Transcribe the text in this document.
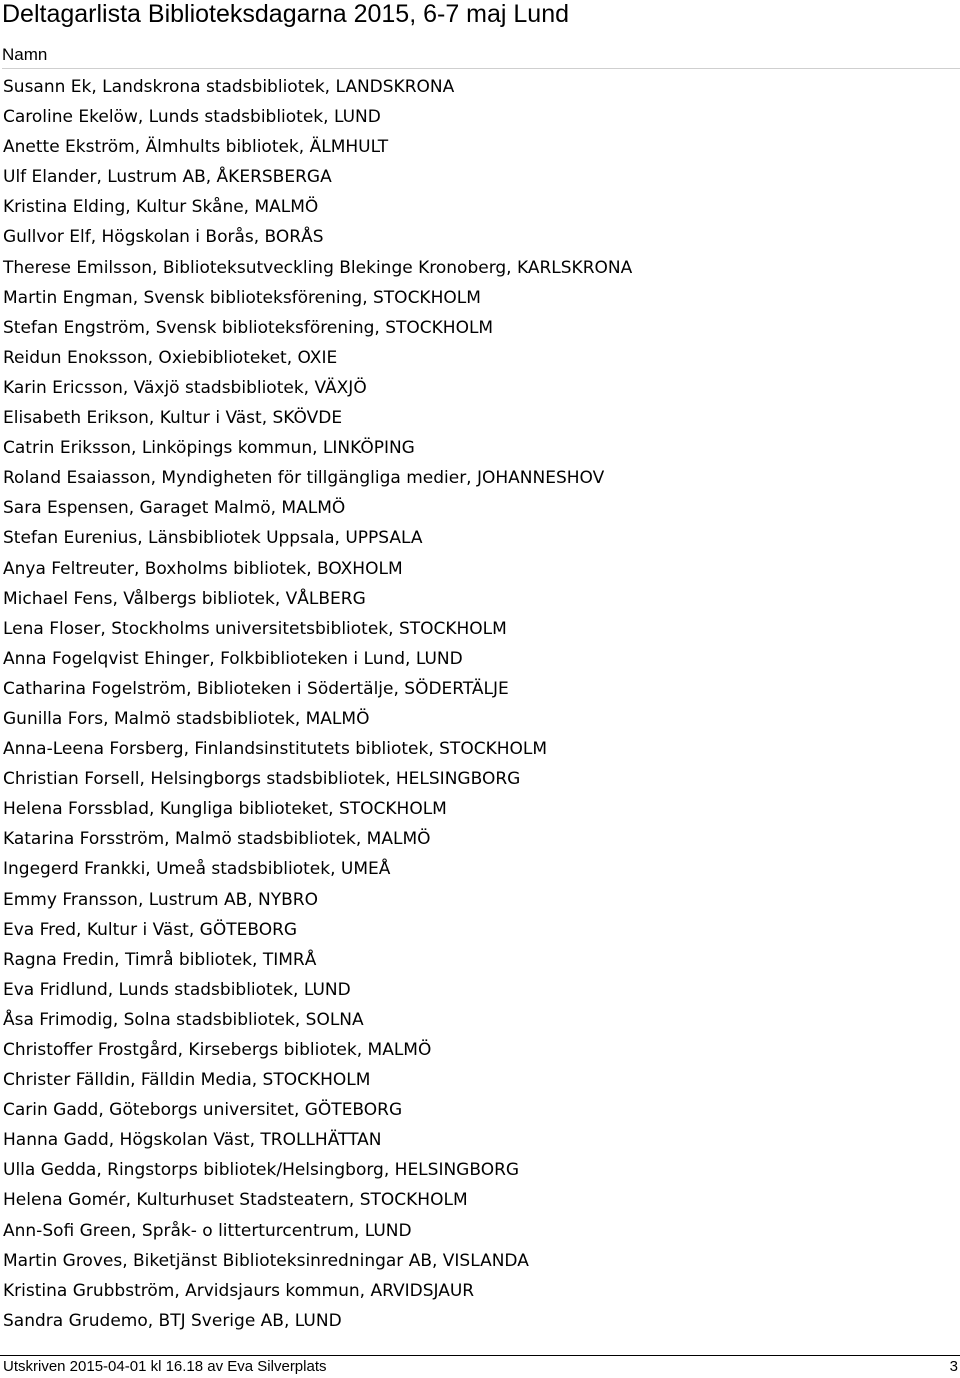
Deltagarlista Biblioteksdagarna 2015, 6-7 maj Lund
Namn
Susann Ek, Landskrona stadsbibliotek, LANDSKRONA
Caroline Ekelöw, Lunds stadsbibliotek, LUND
Anette Ekström, Älmhults bibliotek, ÄLMHULT
Ulf Elander, Lustrum AB, ÅKERSBERGA
Kristina Elding, Kultur Skåne, MALMÖ
Gullvor Elf, Högskolan i Borås, BORÅS
Therese Emilsson, Biblioteksutveckling Blekinge Kronoberg, KARLSKRONA
Martin Engman, Svensk biblioteksförening, STOCKHOLM
Stefan Engström, Svensk biblioteksförening, STOCKHOLM
Reidun Enoksson, Oxiebiblioteket, OXIE
Karin Ericsson, Växjö stadsbibliotek, VÄXJÖ
Elisabeth Erikson, Kultur i Väst, SKÖVDE
Catrin Eriksson, Linköpings kommun, LINKÖPING
Roland Esaiasson, Myndigheten för tillgängliga medier, JOHANNESHOV
Sara Espensen, Garaget Malmö, MALMÖ
Stefan Eurenius, Länsbibliotek Uppsala, UPPSALA
Anya Feltreuter, Boxholms bibliotek, BOXHOLM
Michael Fens, Vålbergs bibliotek, VÅLBERG
Lena Floser, Stockholms universitetsbibliotek, STOCKHOLM
Anna Fogelqvist Ehinger, Folkbiblioteken i Lund, LUND
Catharina Fogelström, Biblioteken i Södertälje, SÖDERTÄLJE
Gunilla Fors, Malmö stadsbibliotek, MALMÖ
Anna-Leena Forsberg, Finlandsinstitutets bibliotek, STOCKHOLM
Christian Forsell, Helsingborgs stadsbibliotek, HELSINGBORG
Helena Forssblad, Kungliga biblioteket, STOCKHOLM
Katarina Forsström, Malmö stadsbibliotek, MALMÖ
Ingegerd Frankki, Umeå stadsbibliotek, UMEÅ
Emmy Fransson, Lustrum AB, NYBRO
Eva Fred, Kultur i Väst, GÖTEBORG
Ragna Fredin, Timrå bibliotek, TIMRÅ
Eva Fridlund, Lunds stadsbibliotek, LUND
Åsa Frimodig, Solna stadsbibliotek, SOLNA
Christoffer Frostgård, Kirsebergs bibliotek, MALMÖ
Christer Fälldin, Fälldin Media, STOCKHOLM
Carin Gadd, Göteborgs universitet, GÖTEBORG
Hanna Gadd, Högskolan Väst, TROLLHÄTTAN
Ulla Gedda, Ringstorps bibliotek/Helsingborg, HELSINGBORG
Helena Gomér, Kulturhuset Stadsteatern, STOCKHOLM
Ann-Sofi Green, Språk- o litterturcentrum, LUND
Martin Groves, Biketjänst Biblioteksinredningar AB, VISLANDA
Kristina Grubbström, Arvidsjaurs kommun, ARVIDSJAUR
Sandra Grudemo, BTJ Sverige AB, LUND
Utskriven 2015-04-01 kl 16.18 av Eva Silverplats	3
